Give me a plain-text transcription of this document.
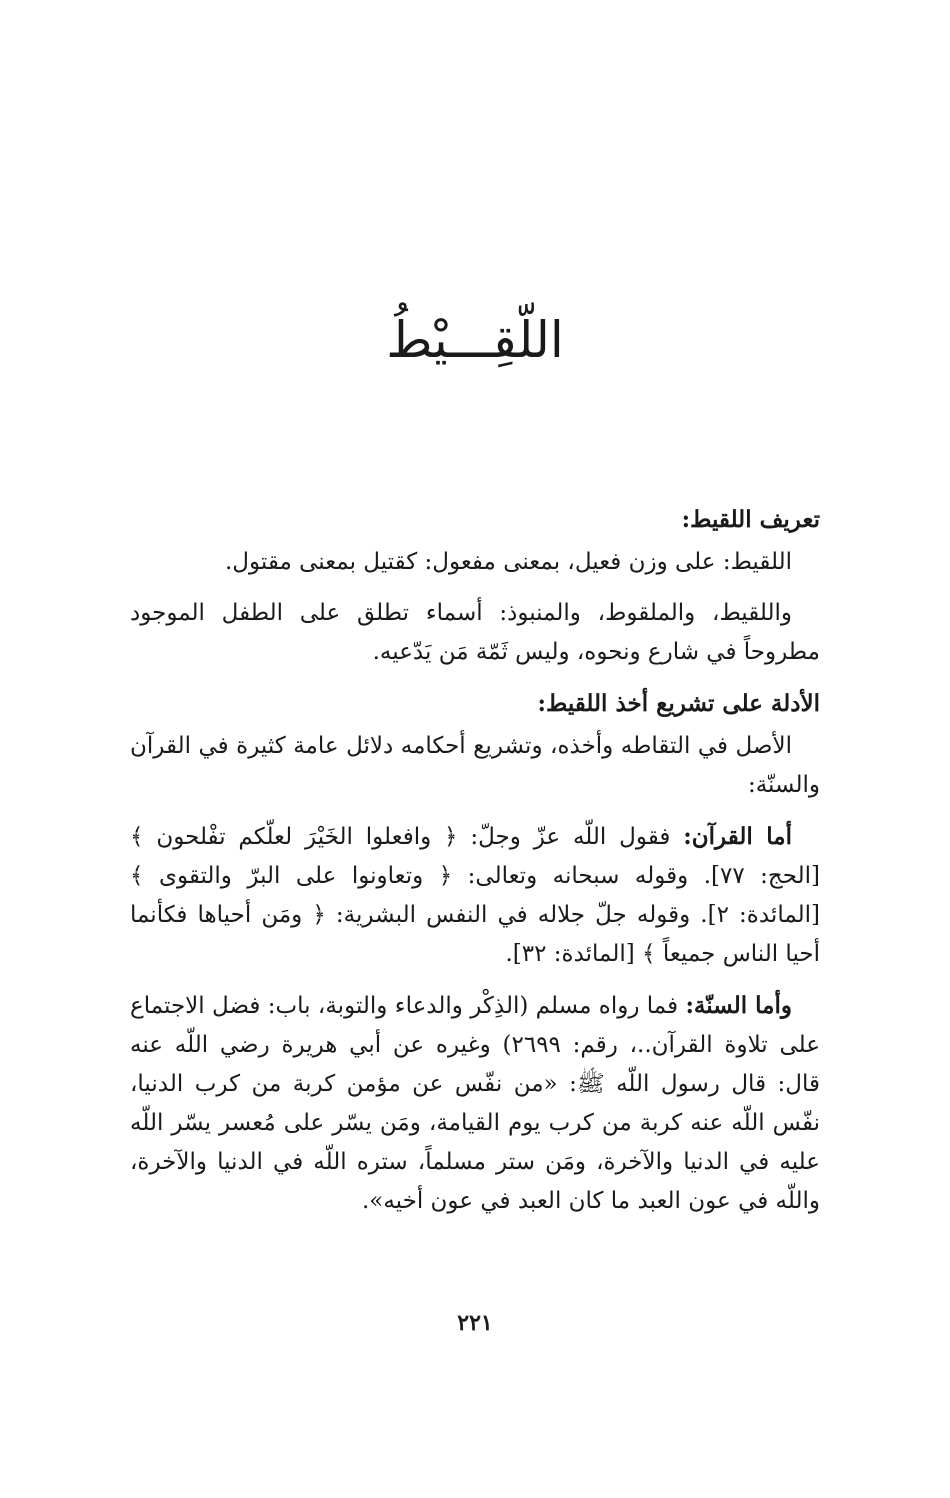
اللّقِـــيْطُ
تعريف اللقيط:

اللقيط: على وزن فعيل، بمعنى مفعول: كقتيل بمعنى مقتول.

واللقيط، والملقوط، والمنبوذ: أسماء تطلق على الطفل الموجود مطروحاً في شارع ونحوه، وليس ثَمّة مَن يَدّعيه.

الأدلة على تشريع أخذ اللقيط:

الأصل في التقاطه وأخذه، وتشريع أحكامه دلائل عامة كثيرة في القرآن والسنّة:

أما القرآن: فقول اللّه عزّ وجلّ: ﴿ وافعلوا الخَيْرَ لعلّكم تفْلحون ﴾ [الحج: ٧٧]. وقوله سبحانه وتعالى: ﴿ وتعاونوا على البرّ والتقوى ﴾ [المائدة: ٢]. وقوله جلّ جلاله في النفس البشرية: ﴿ ومَن أحياها فكأنما أحيا الناس جميعاً ﴾ [المائدة: ٣٢].

وأما السنّة: فما رواه مسلم (الذِكْر والدعاء والتوبة، باب: فضل الاجتماع على تلاوة القرآن..، رقم: ٢٦٩٩) وغيره عن أبي هريرة رضي اللّه عنه قال: قال رسول اللّه ﷺ: «من نفّس عن مؤمن كربة من كرب الدنيا، نفّس اللّه عنه كربة من كرب يوم القيامة، ومَن يسّر على مُعسر يسّر اللّه عليه في الدنيا والآخرة، ومَن ستر مسلماً، ستره اللّه في الدنيا والآخرة، واللّه في عون العبد ما كان العبد في عون أخيه».

٢٢١
